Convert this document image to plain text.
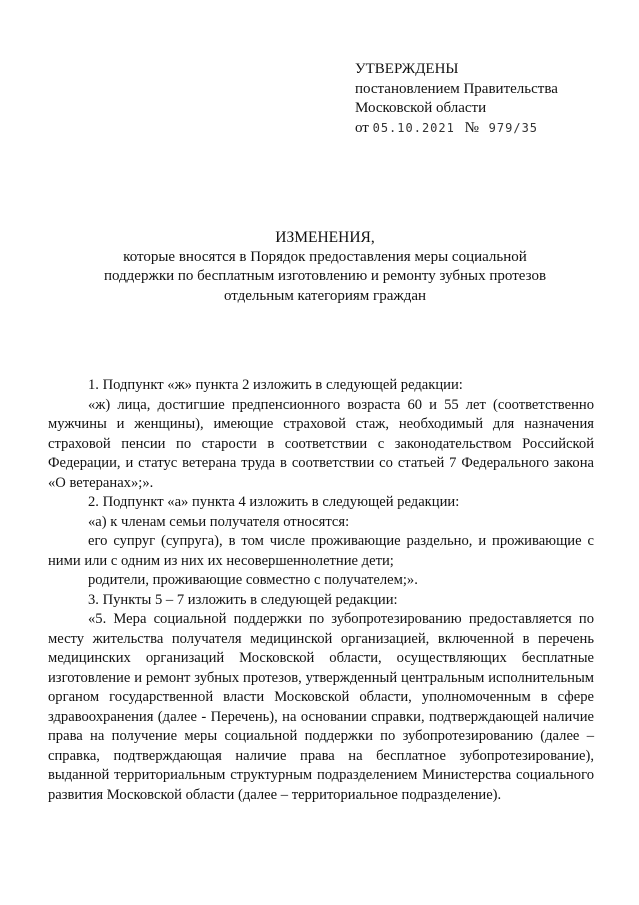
УТВЕРЖДЕНЫ
постановлением Правительства
Московской области
от 05.10.2021 № 979/35
ИЗМЕНЕНИЯ,
которые вносятся в Порядок предоставления меры социальной
поддержки по бесплатным изготовлению и ремонту зубных протезов
отдельным категориям граждан

1. Подпункт «ж» пункта 2 изложить в следующей редакции:

«ж) лица, достигшие предпенсионного возраста 60 и 55 лет (соответственно мужчины и женщины), имеющие страховой стаж, необходимый для назначения страховой пенсии по старости в соответствии с законодательством Российской Федерации, и статус ветерана труда в соответствии со статьей 7 Федерального закона «О ветеранах»;».

2. Подпункт «а» пункта 4 изложить в следующей редакции:

«а) к членам семьи получателя относятся:

его супруг (супруга), в том числе проживающие раздельно, и проживающие с ними или с одним из них их несовершеннолетние дети;

родители, проживающие совместно с получателем;».

3. Пункты 5 – 7 изложить в следующей редакции:

«5. Мера социальной поддержки по зубопротезированию предоставляется по месту жительства получателя медицинской организацией, включенной в перечень медицинских организаций Московской области, осуществляющих бесплатные изготовление и ремонт зубных протезов, утвержденный центральным исполнительным органом государственной власти Московской области, уполномоченным в сфере здравоохранения (далее - Перечень), на основании справки, подтверждающей наличие права на получение меры социальной поддержки по зубопротезированию (далее – справка, подтверждающая наличие права на бесплатное зубопротезирование), выданной территориальным структурным подразделением Министерства социального развития Московской области (далее – территориальное подразделение).
